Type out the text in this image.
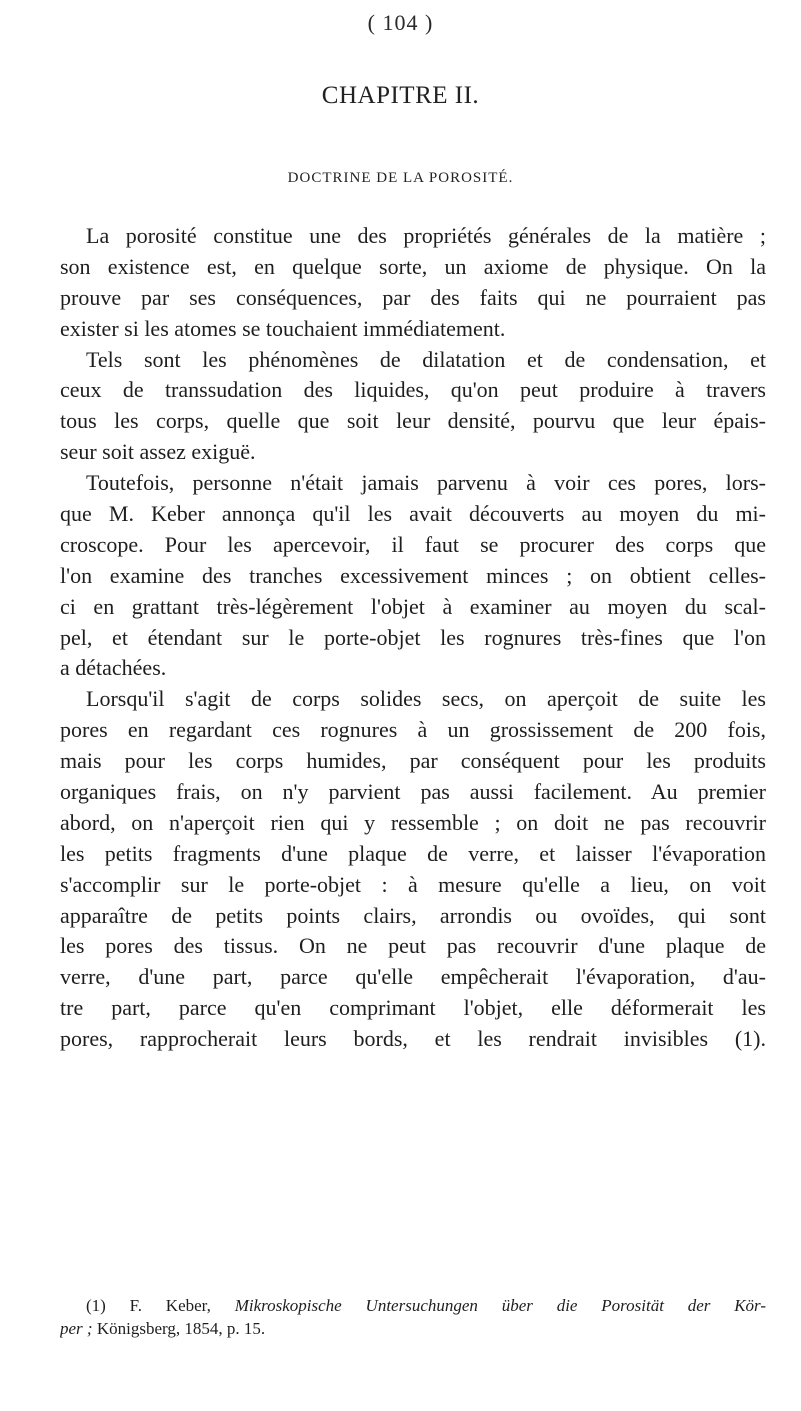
( 104 )
CHAPITRE II.
DOCTRINE DE LA POROSITÉ.
La porosité constitue une des propriétés générales de la matière ;
son existence est, en quelque sorte, un axiome de physique. On la
prouve par ses conséquences, par des faits qui ne pourraient pas
exister si les atomes se touchaient immédiatement.
Tels sont les phénomènes de dilatation et de condensation, et
ceux de transsudation des liquides, qu'on peut produire à travers
tous les corps, quelle que soit leur densité, pourvu que leur épais-
seur soit assez exiguë.
Toutefois, personne n'était jamais parvenu à voir ces pores, lors-
que M. Keber annonça qu'il les avait découverts au moyen du mi-
croscope. Pour les apercevoir, il faut se procurer des corps que
l'on examine des tranches excessivement minces ; on obtient celles-
ci en grattant très-légèrement l'objet à examiner au moyen du scal-
pel, et étendant sur le porte-objet les rognures très-fines que l'on
a détachées.
Lorsqu'il s'agit de corps solides secs, on aperçoit de suite les
pores en regardant ces rognures à un grossissement de 200 fois,
mais pour les corps humides, par conséquent pour les produits
organiques frais, on n'y parvient pas aussi facilement. Au premier
abord, on n'aperçoit rien qui y ressemble ; on doit ne pas recouvrir
les petits fragments d'une plaque de verre, et laisser l'évaporation
s'accomplir sur le porte-objet : à mesure qu'elle a lieu, on voit
apparaître de petits points clairs, arrondis ou ovoïdes, qui sont
les pores des tissus. On ne peut pas recouvrir d'une plaque de
verre, d'une part, parce qu'elle empêcherait l'évaporation, d'au-
tre part, parce qu'en comprimant l'objet, elle déformerait les
pores, rapprocherait leurs bords, et les rendrait invisibles (1).
(1) F. Keber, Mikroskopische Untersuchungen über die Porosität der Kör-
per ; Königsberg, 1854, p. 15.
